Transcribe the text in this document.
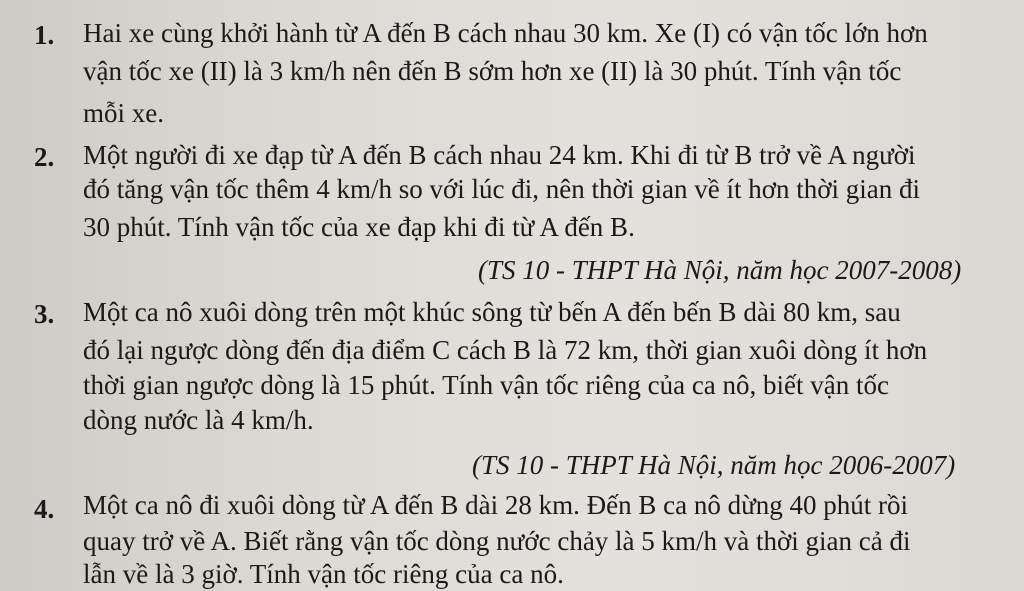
1. Hai xe cùng khởi hành từ A đến B cách nhau 30 km. Xe (I) có vận tốc lớn hơn
vận tốc xe (II) là 3 km/h nên đến B sớm hơn xe (II) là 30 phút. Tính vận tốc
mỗi xe.
2. Một người đi xe đạp từ A đến B cách nhau 24 km. Khi đi từ B trở về A người
đó tăng vận tốc thêm 4 km/h so với lúc đi, nên thời gian về ít hơn thời gian đi
30 phút. Tính vận tốc của xe đạp khi đi từ A đến B.
(TS 10 - THPT Hà Nội, năm học 2007-2008)
3. Một ca nô xuôi dòng trên một khúc sông từ bến A đến bến B dài 80 km, sau
đó lại ngược dòng đến địa điểm C cách B là 72 km, thời gian xuôi dòng ít hơn
thời gian ngược dòng là 15 phút. Tính vận tốc riêng của ca nô, biết vận tốc
dòng nước là 4 km/h.
(TS 10 - THPT Hà Nội, năm học 2006-2007)
4. Một ca nô đi xuôi dòng từ A đến B dài 28 km. Đến B ca nô dừng 40 phút rồi
quay trở về A. Biết rằng vận tốc dòng nước chảy là 5 km/h và thời gian cả đi
lẫn về là 3 giờ. Tính vận tốc riêng của ca nô.
